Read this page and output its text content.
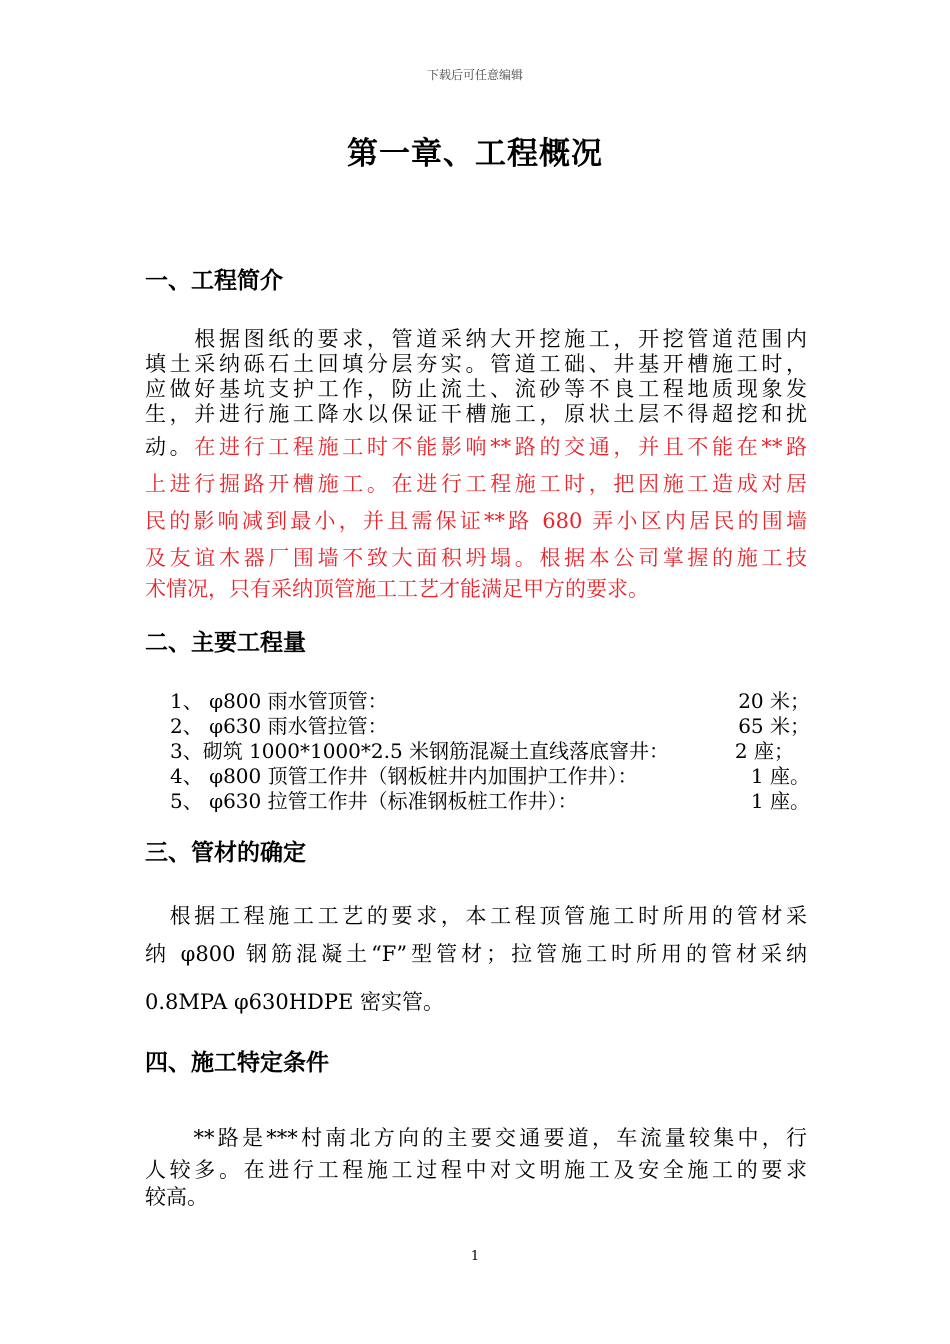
下载后可任意编辑
第一章、工程概况
一、工程简介
　　根据图纸的要求，管道采纳大开挖施工，开挖管道范围内
填土采纳砾石土回填分层夯实。管道工础、井基开槽施工时，
应做好基坑支护工作，防止流土、流砂等不良工程地质现象发
生，并进行施工降水以保证干槽施工，原状土层不得超挖和扰
动。在进行工程施工时不能影响**路的交通，并且不能在**路
上进行掘路开槽施工。在进行工程施工时，把因施工造成对居
民的影响减到最小，并且需保证**路 680 弄小区内居民的围墙
及友谊木器厂围墙不致大面积坍塌。根据本公司掌握的施工技
术情况，只有采纳顶管施工工艺才能满足甲方的要求。
二、主要工程量
1、 φ800 雨水管顶管：	20 米；
2、 φ630 雨水管拉管：	65 米；
3、砌筑 1000*1000*2.5 米钢筋混凝土直线落底窨井：	2 座；
4、 φ800 顶管工作井（钢板桩井内加围护工作井）：	1 座。
5、 φ630 拉管工作井（标准钢板桩工作井）：	1 座。
三、管材的确定
　根据工程施工工艺的要求，本工程顶管施工时所用的管材采
纳 φ800 钢筋混凝土“F”型管材；拉管施工时所用的管材采纳
0.8MPA φ630HDPE 密实管。
四、施工特定条件
　　**路是***村南北方向的主要交通要道，车流量较集中，行
人较多。在进行工程施工过程中对文明施工及安全施工的要求
较高。
1
